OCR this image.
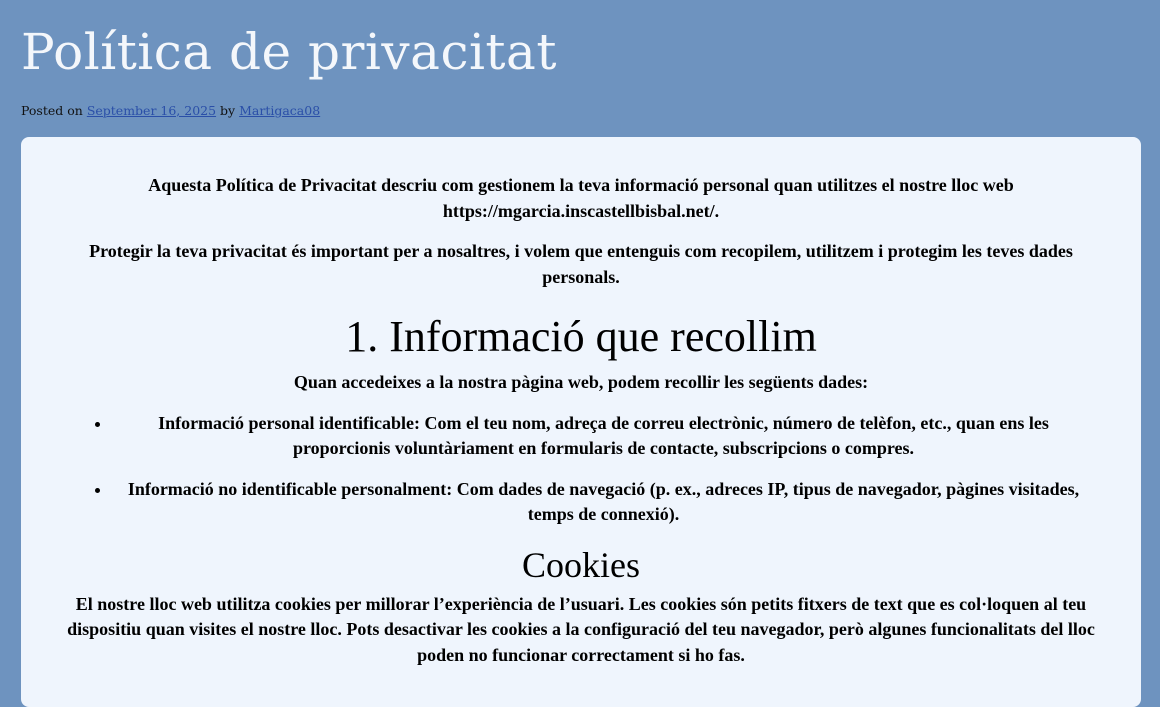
Política de privacitat
Posted on September 16, 2025 by Martigaca08

Aquesta Política de Privacitat descriu com gestionem la teva informació personal quan utilitzes el nostre lloc web https://mgarcia.inscastellbisbal.net/.

Protegir la teva privacitat és important per a nosaltres, i volem que entenguis com recopilem, utilitzem i protegim les teves dades personals.

1. Informació que recollim

Quan accedeixes a la nostra pàgina web, podem recollir les següents dades:

• Informació personal identificable: Com el teu nom, adreça de correu electrònic, número de telèfon, etc., quan ens les proporcionis voluntàriament en formularis de contacte, subscripcions o compres.
• Informació no identificable personalment: Com dades de navegació (p. ex., adreces IP, tipus de navegador, pàgines visitades, temps de connexió).
Cookies

El nostre lloc web utilitza cookies per millorar l’experiència de l’usuari. Les cookies són petits fitxers de text que es col·loquen al teu dispositiu quan visites el nostre lloc. Pots desactivar les cookies a la configuració del teu navegador, però algunes funcionalitats del lloc poden no funcionar correctament si ho fas.
